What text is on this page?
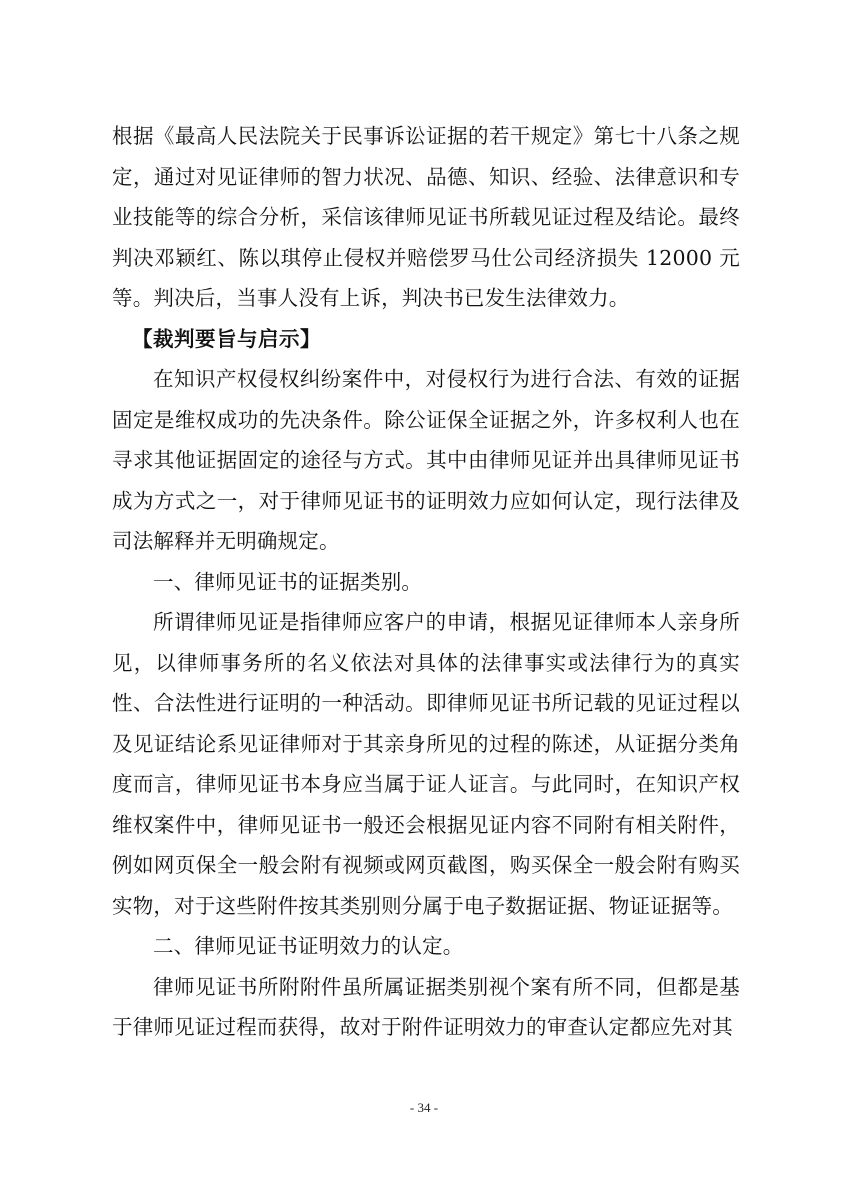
根据《最高人民法院关于民事诉讼证据的若干规定》第七十八条之规定，通过对见证律师的智力状况、品德、知识、经验、法律意识和专业技能等的综合分析，采信该律师见证书所载见证过程及结论。最终判决邓颖红、陈以琪停止侵权并赔偿罗马仕公司经济损失 12000 元等。判决后，当事人没有上诉，判决书已发生法律效力。

【裁判要旨与启示】

在知识产权侵权纠纷案件中，对侵权行为进行合法、有效的证据固定是维权成功的先决条件。除公证保全证据之外，许多权利人也在寻求其他证据固定的途径与方式。其中由律师见证并出具律师见证书成为方式之一，对于律师见证书的证明效力应如何认定，现行法律及司法解释并无明确规定。

一、律师见证书的证据类别。

所谓律师见证是指律师应客户的申请，根据见证律师本人亲身所见，以律师事务所的名义依法对具体的法律事实或法律行为的真实性、合法性进行证明的一种活动。即律师见证书所记载的见证过程以及见证结论系见证律师对于其亲身所见的过程的陈述，从证据分类角度而言，律师见证书本身应当属于证人证言。与此同时，在知识产权维权案件中，律师见证书一般还会根据见证内容不同附有相关附件，例如网页保全一般会附有视频或网页截图，购买保全一般会附有购买实物，对于这些附件按其类别则分属于电子数据证据、物证证据等。

二、律师见证书证明效力的认定。

律师见证书所附附件虽所属证据类别视个案有所不同，但都是基于律师见证过程而获得，故对于附件证明效力的审查认定都应先对其

- 34 -
